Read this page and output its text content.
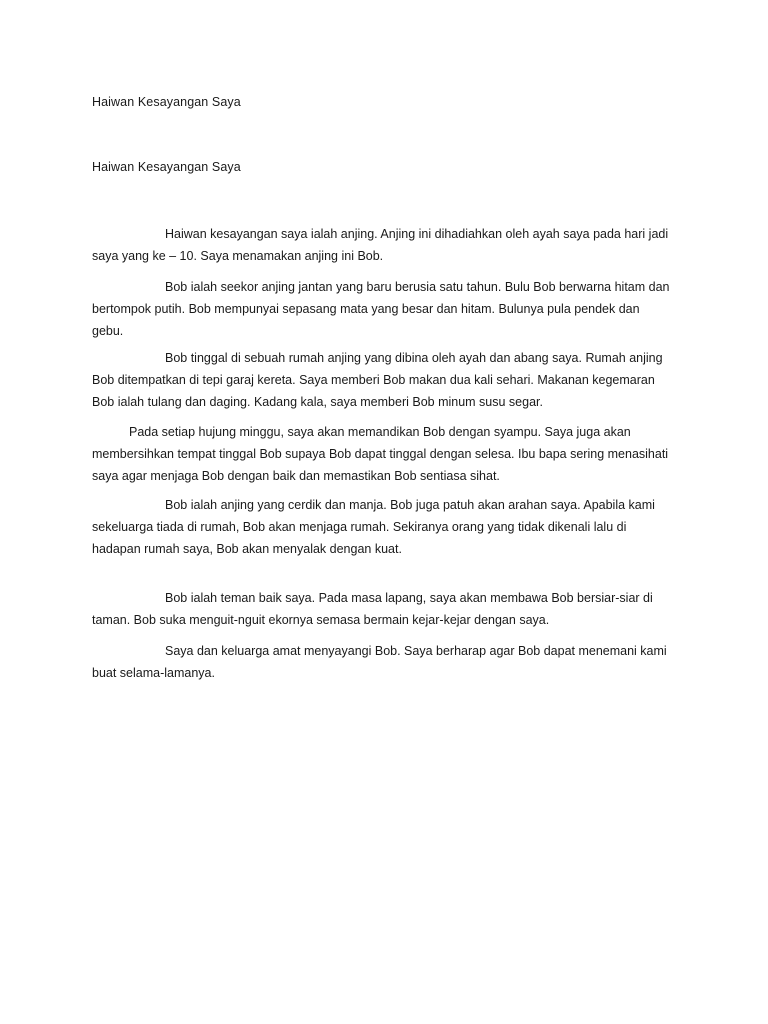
Haiwan Kesayangan Saya
Haiwan Kesayangan Saya
Haiwan kesayangan saya ialah anjing. Anjing ini dihadiahkan oleh ayah saya pada hari jadi
saya yang ke – 10. Saya menamakan anjing ini Bob.
Bob ialah seekor anjing jantan yang baru berusia satu tahun. Bulu Bob berwarna hitam dan
bertompok putih. Bob mempunyai sepasang mata yang besar dan hitam. Bulunya pula pendek dan
gebu.
Bob tinggal di sebuah rumah anjing yang dibina oleh ayah dan abang saya. Rumah anjing
Bob ditempatkan di tepi garaj kereta. Saya memberi Bob makan dua kali sehari. Makanan kegemaran
Bob ialah tulang dan daging. Kadang kala, saya memberi Bob minum susu segar.
Pada setiap hujung minggu, saya akan memandikan Bob dengan syampu. Saya juga akan
membersihkan tempat tinggal Bob supaya Bob dapat tinggal dengan selesa. Ibu bapa sering menasihati
saya agar menjaga Bob dengan baik dan memastikan Bob sentiasa sihat.
Bob ialah anjing yang cerdik dan manja. Bob juga patuh akan arahan saya. Apabila kami
sekeluarga tiada di rumah, Bob akan menjaga rumah. Sekiranya orang yang tidak dikenali lalu di
hadapan rumah saya, Bob akan menyalak dengan kuat.
Bob ialah teman baik saya. Pada masa lapang, saya akan membawa Bob bersiar-siar di
taman. Bob suka menguit-nguit ekornya semasa bermain kejar-kejar dengan saya.
Saya dan keluarga amat menyayangi Bob. Saya berharap agar Bob dapat menemani kami
buat selama-lamanya.
